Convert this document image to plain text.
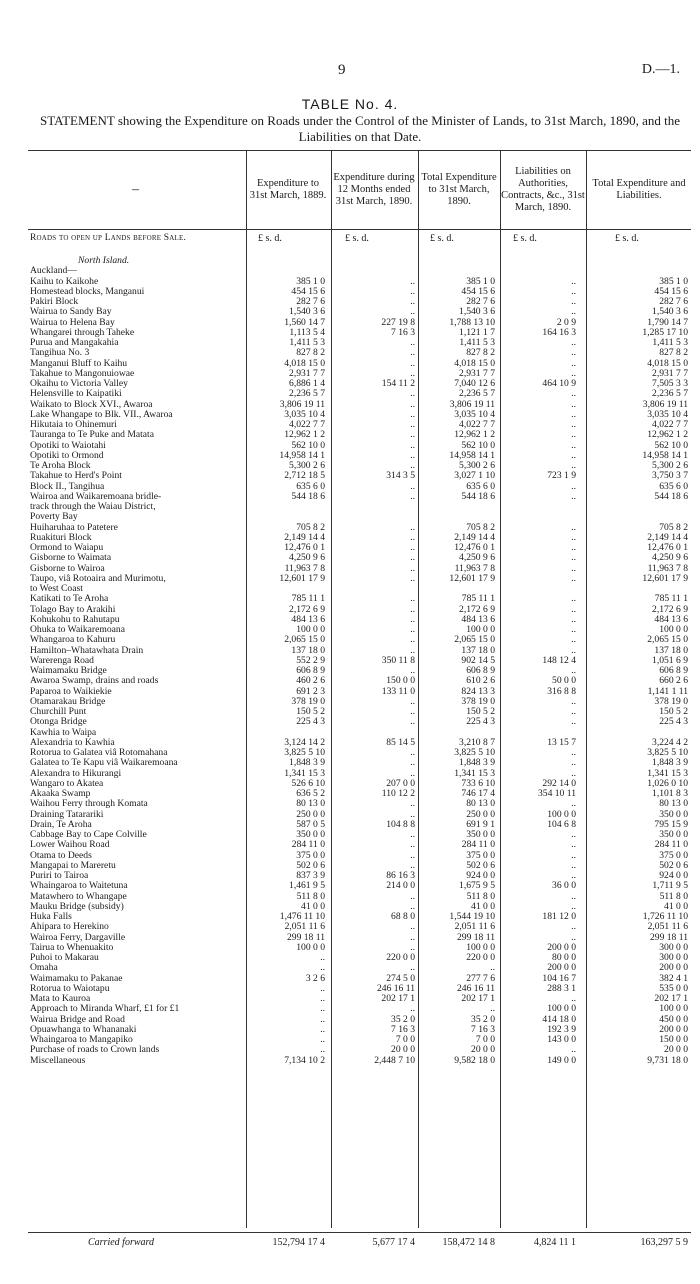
9	D.—1.
TABLE No. 4.
STATEMENT showing the Expenditure on Roads under the Control of the Minister of Lands, to 31st March, 1890, and the Liabilities on that Date.
–	Expenditure to 31st March, 1889.
Expenditure during 12 Months ended 31st March, 1890.
Total Expenditure to 31st March, 1890.
Liabilities on Authorities, Contracts, &c., 31st March, 1890.
Total Expenditure and Liabilities.
Roads to open up Lands before Sale.	£ s. d.	£ s. d.	£ s. d.	£ s. d.	£ s. d.
North Island.
Auckland—
Kaihu to Kaikohe	385 1 0	..	385 1 0	..	385 1 0
Homestead blocks, Manganui	454 15 6	..	454 15 6	..	454 15 6
Pakiri Block	282 7 6	..	282 7 6	..	282 7 6
Wairua to Sandy Bay	1,540 3 6	..	1,540 3 6	..	1,540 3 6
Wairua to Helena Bay	1,560 14 7	227 19 8	1,788 13 10	2 0 9	1,790 14 7
Whangarei through Taheke	1,113 5 4	7 16 3	1,121 1 7	164 16 3	1,285 17 10
Purua and Mangakahia	1,411 5 3	..	1,411 5 3	..	1,411 5 3
Tangihua No. 3	827 8 2	..	827 8 2	..	827 8 2
Manganui Bluff to Kaihu	4,018 15 0	..	4,018 15 0	..	4,018 15 0
Takahue to Mangonuiowae	2,931 7 7	..	2,931 7 7	..	2,931 7 7
Okaihu to Victoria Valley	6,886 1 4	154 11 2	7,040 12 6	464 10 9	7,505 3 3
Helensville to Kaipatiki	2,236 5 7	..	2,236 5 7	..	2,236 5 7
Waikato to Block XVI., Awaroa	3,806 19 11	..	3,806 19 11	..	3,806 19 11
Lake Whangape to Blk. VII., Awaroa	3,035 10 4	..	3,035 10 4	..	3,035 10 4
Hikutaia to Ohinemuri	4,022 7 7	..	4,022 7 7	..	4,022 7 7
Tauranga to Te Puke and Matata	12,962 1 2	..	12,962 1 2	..	12,962 1 2
Opotiki to Waiotahi	562 10 0	..	562 10 0	..	562 10 0
Opotiki to Ormond	14,958 14 1	..	14,958 14 1	..	14,958 14 1
Te Aroha Block	5,300 2 6	..	5,300 2 6	..	5,300 2 6
Takahue to Herd's Point	2,712 18 5	314 3 5	3,027 1 10	723 1 9	3,750 3 7
Block II., Tangihua	635 6 0	..	635 6 0	..	635 6 0
Wairoa and Waikaremoana bridle-	544 18 6	..	544 18 6	..	544 18 6
track through the Waiau District,
Poverty Bay
Huiharuhaa to Patetere	705 8 2	..	705 8 2	..	705 8 2
Ruakituri Block	2,149 14 4	..	2,149 14 4	..	2,149 14 4
Ormond to Waiapu	12,476 0 1	..	12,476 0 1	..	12,476 0 1
Gisborne to Waimata	4,250 9 6	..	4,250 9 6	..	4,250 9 6
Gisborne to Wairoa	11,963 7 8	..	11,963 7 8	..	11,963 7 8
Taupo, viâ Rotoaira and Murimotu,	12,601 17 9	..	12,601 17 9	..	12,601 17 9
to West Coast
Katikati to Te Aroha	785 11 1	..	785 11 1	..	785 11 1
Tolago Bay to Arakihi	2,172 6 9	..	2,172 6 9	..	2,172 6 9
Kohukohu to Rahutapu	484 13 6	..	484 13 6	..	484 13 6
Ohuka to Waikaremoana	100 0 0	..	100 0 0	..	100 0 0
Whangaroa to Kahuru	2,065 15 0	..	2,065 15 0	..	2,065 15 0
Hamilton–Whatawhata Drain	137 18 0	..	137 18 0	..	137 18 0
Warerenga Road	552 2 9	350 11 8	902 14 5	148 12 4	1,051 6 9
Waimamaku Bridge	606 8 9	..	606 8 9	..	606 8 9
Awaroa Swamp, drains and roads	460 2 6	150 0 0	610 2 6	50 0 0	660 2 6
Paparoa to Waikiekie	691 2 3	133 11 0	824 13 3	316 8 8	1,141 1 11
Otamarakau Bridge	378 19 0	..	378 19 0	..	378 19 0
Churchill Punt	150 5 2	..	150 5 2	..	150 5 2
Otonga Bridge	225 4 3	..	225 4 3	..	225 4 3
Kawhia to Waipa
Alexandria to Kawhia	3,124 14 2	85 14 5	3,210 8 7	13 15 7	3,224 4 2
Rotorua to Galatea viâ Rotomahana	3,825 5 10	..	3,825 5 10	..	3,825 5 10
Galatea to Te Kapu viâ Waikaremoana	1,848 3 9	..	1,848 3 9	..	1,848 3 9
Alexandra to Hikurangi	1,341 15 3	..	1,341 15 3	..	1,341 15 3
Wangaro to Akatea	526 6 10	207 0 0	733 6 10	292 14 0	1,026 0 10
Akaaka Swamp	636 5 2	110 12 2	746 17 4	354 10 11	1,101 8 3
Waihou Ferry through Komata	80 13 0	..	80 13 0	..	80 13 0
Draining Tatarariki	250 0 0	..	250 0 0	100 0 0	350 0 0
Drain, Te Aroha	587 0 5	104 8 8	691 9 1	104 6 8	795 15 9
Cabbage Bay to Cape Colville	350 0 0	..	350 0 0	..	350 0 0
Lower Waihou Road	284 11 0	..	284 11 0	..	284 11 0
Otama to Deeds	375 0 0	..	375 0 0	..	375 0 0
Mangapai to Mareretu	502 0 6	..	502 0 6	..	502 0 6
Puriri to Tairoa	837 3 9	86 16 3	924 0 0	..	924 0 0
Whaingaroa to Waitetuna	1,461 9 5	214 0 0	1,675 9 5	36 0 0	1,711 9 5
Matawhero to Whangape	511 8 0	..	511 8 0	..	511 8 0
Mauku Bridge (subsidy)	41 0 0	..	41 0 0	..	41 0 0
Huka Falls	1,476 11 10	68 8 0	1,544 19 10	181 12 0	1,726 11 10
Ahipara to Herekino	2,051 11 6	..	2,051 11 6	..	2,051 11 6
Wairoa Ferry, Dargaville	299 18 11	..	299 18 11	..	299 18 11
Tairua to Whenuakito	100 0 0	..	100 0 0	200 0 0	300 0 0
Puhoi to Makarau	..	220 0 0	220 0 0	80 0 0	300 0 0
Omaha	..	..	..	200 0 0	200 0 0
Waimamaku to Pakanae	3 2 6	274 5 0	277 7 6	104 16 7	382 4 1
Rotorua to Waiotapu	..	246 16 11	246 16 11	288 3 1	535 0 0
Mata to Kauroa	..	202 17 1	202 17 1	..	202 17 1
Approach to Miranda Wharf, £1 for £1	..	..	..	100 0 0	100 0 0
Wairua Bridge and Road	..	35 2 0	35 2 0	414 18 0	450 0 0
Opuawhanga to Whananaki	..	7 16 3	7 16 3	192 3 9	200 0 0
Whaingaroa to Mangapiko	..	7 0 0	7 0 0	143 0 0	150 0 0
Purchase of roads to Crown lands	..	20 0 0	20 0 0	..	20 0 0
Miscellaneous	7,134 10 2	2,448 7 10	9,582 18 0	149 0 0	9,731 18 0
Carried forward	152,794 17 4	5,677 17 4	158,472 14 8	4,824 11 1	163,297 5 9
